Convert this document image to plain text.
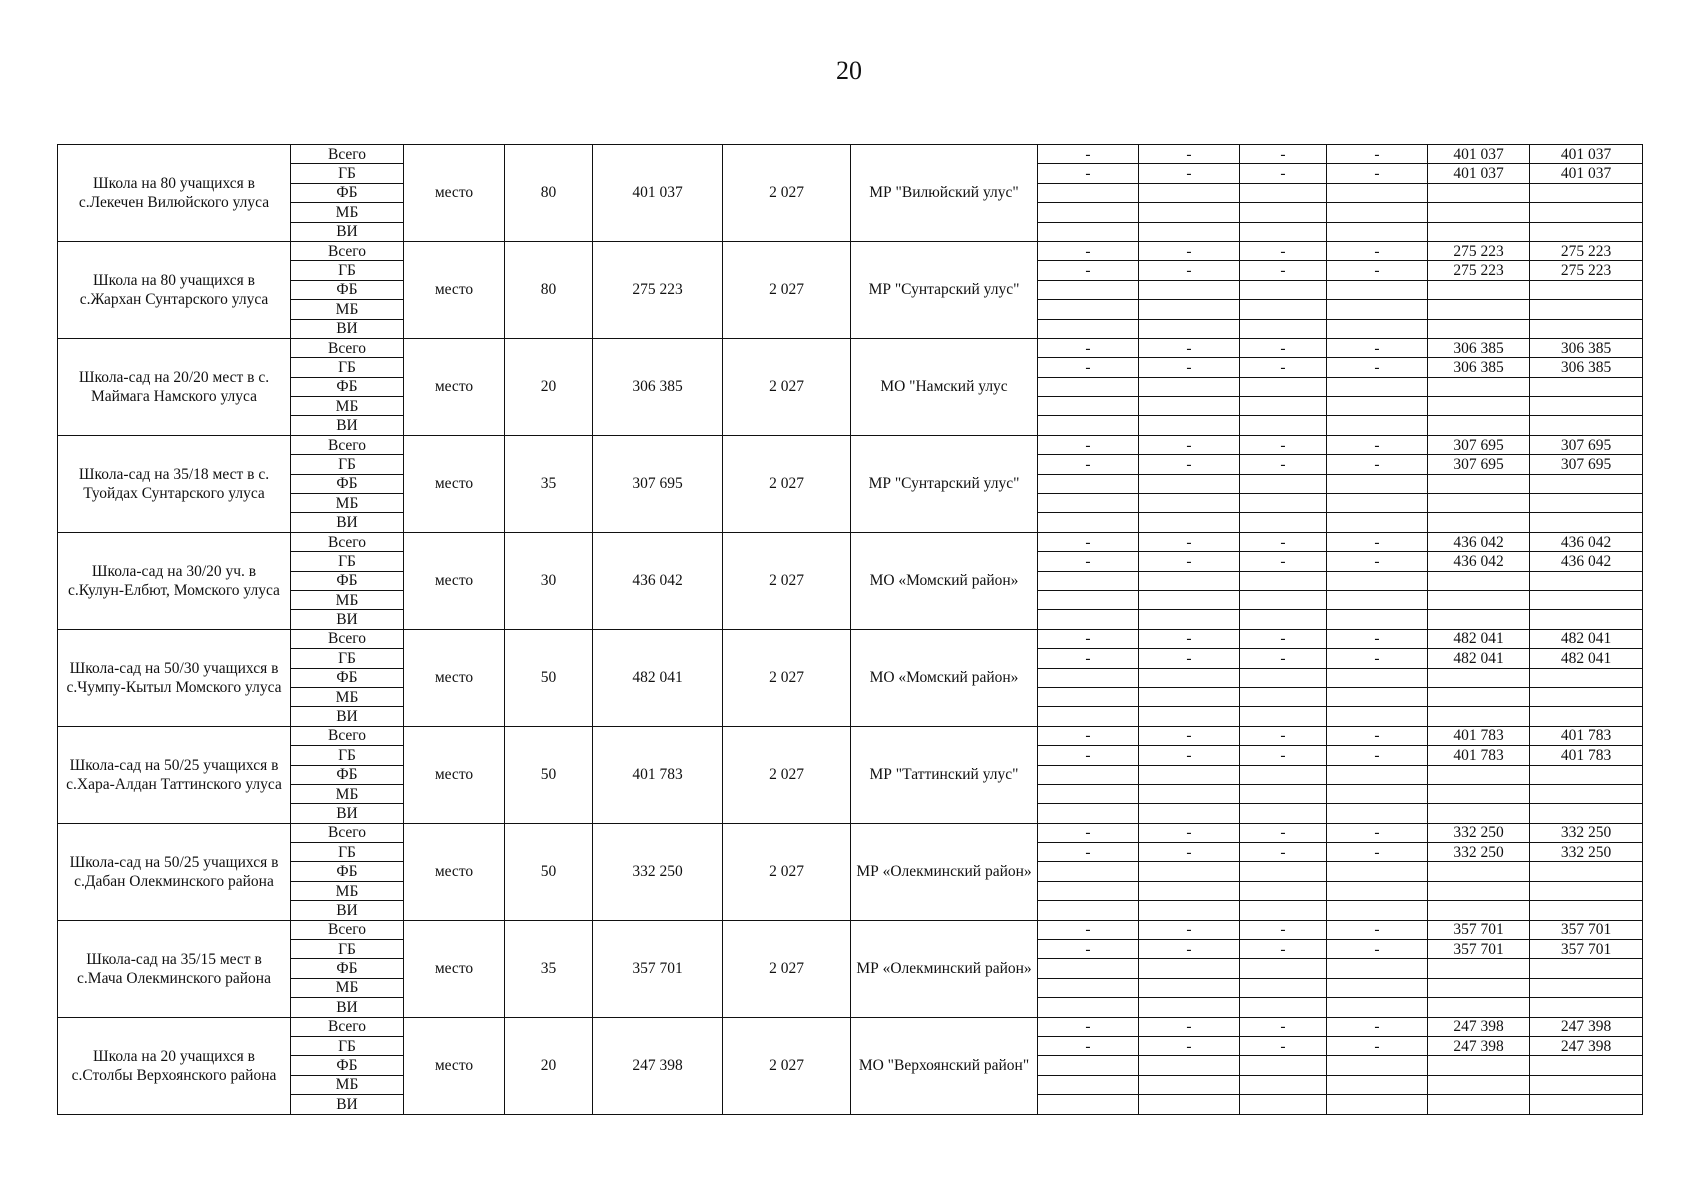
20
Школа на 80 учащихся в с.Лекечен Вилюйского улуса	Всего	место	80	401 037	2 027	МР "Вилюйский улус"	-	-	-	-	401 037	401 037
	ГБ						-	-	-	-	401 037	401 037
	ФБ											
	МБ											
	ВИ											
Школа на 80 учащихся в с.Жархан Сунтарского улуса	Всего	место	80	275 223	2 027	МР "Сунтарский улус"	-	-	-	-	275 223	275 223
	ГБ						-	-	-	-	275 223	275 223
	ФБ											
	МБ											
	ВИ											
Школа-сад на 20/20 мест в с. Маймага Намского улуса	Всего	место	20	306 385	2 027	МО "Намский улус	-	-	-	-	306 385	306 385
	ГБ						-	-	-	-	306 385	306 385
	ФБ											
	МБ											
	ВИ											
Школа-сад на 35/18 мест в с. Туойдах Сунтарского улуса	Всего	место	35	307 695	2 027	МР "Сунтарский улус"	-	-	-	-	307 695	307 695
	ГБ						-	-	-	-	307 695	307 695
	ФБ											
	МБ											
	ВИ											
Школа-сад на 30/20 уч. в с.Кулун-Елбют, Момского улуса	Всего	место	30	436 042	2 027	МО «Момский район»	-	-	-	-	436 042	436 042
	ГБ						-	-	-	-	436 042	436 042
	ФБ											
	МБ											
	ВИ											
Школа-сад на 50/30 учащихся в с.Чумпу-Кытыл Момского улуса	Всего	место	50	482 041	2 027	МО «Момский район»	-	-	-	-	482 041	482 041
	ГБ						-	-	-	-	482 041	482 041
	ФБ											
	МБ											
	ВИ											
Школа-сад на 50/25 учащихся в с.Хара-Алдан Таттинского улуса	Всего	место	50	401 783	2 027	МР "Таттинский улус"	-	-	-	-	401 783	401 783
	ГБ						-	-	-	-	401 783	401 783
	ФБ											
	МБ											
	ВИ											
Школа-сад на 50/25 учащихся в с.Дабан Олекминского района	Всего	место	50	332 250	2 027	МР «Олекминский район»	-	-	-	-	332 250	332 250
	ГБ						-	-	-	-	332 250	332 250
	ФБ											
	МБ											
	ВИ											
Школа-сад на 35/15 мест в с.Мача Олекминского района	Всего	место	35	357 701	2 027	МР «Олекминский район»	-	-	-	-	357 701	357 701
	ГБ						-	-	-	-	357 701	357 701
	ФБ											
	МБ											
	ВИ											
Школа на 20 учащихся в с.Столбы Верхоянского района	Всего	место	20	247 398	2 027	МО "Верхоянский район"	-	-	-	-	247 398	247 398
	ГБ						-	-	-	-	247 398	247 398
	ФБ											
	МБ											
	ВИ											
